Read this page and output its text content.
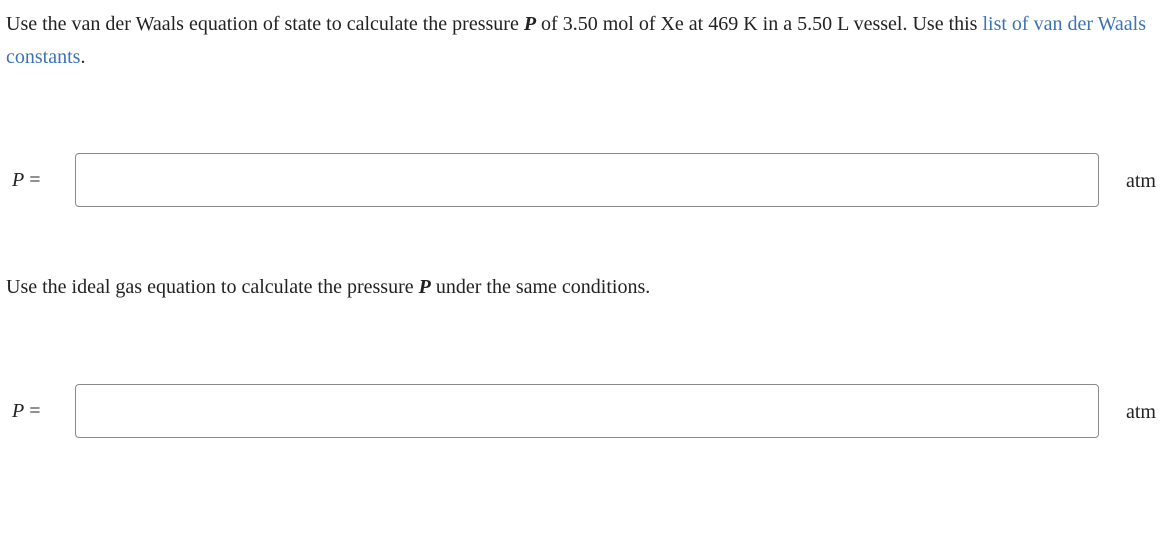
Use the van der Waals equation of state to calculate the pressure P of 3.50 mol of Xe at 469 K in a 5.50 L vessel. Use this list of van der Waals constants.

P =	atm

Use the ideal gas equation to calculate the pressure P under the same conditions.

P =	atm
